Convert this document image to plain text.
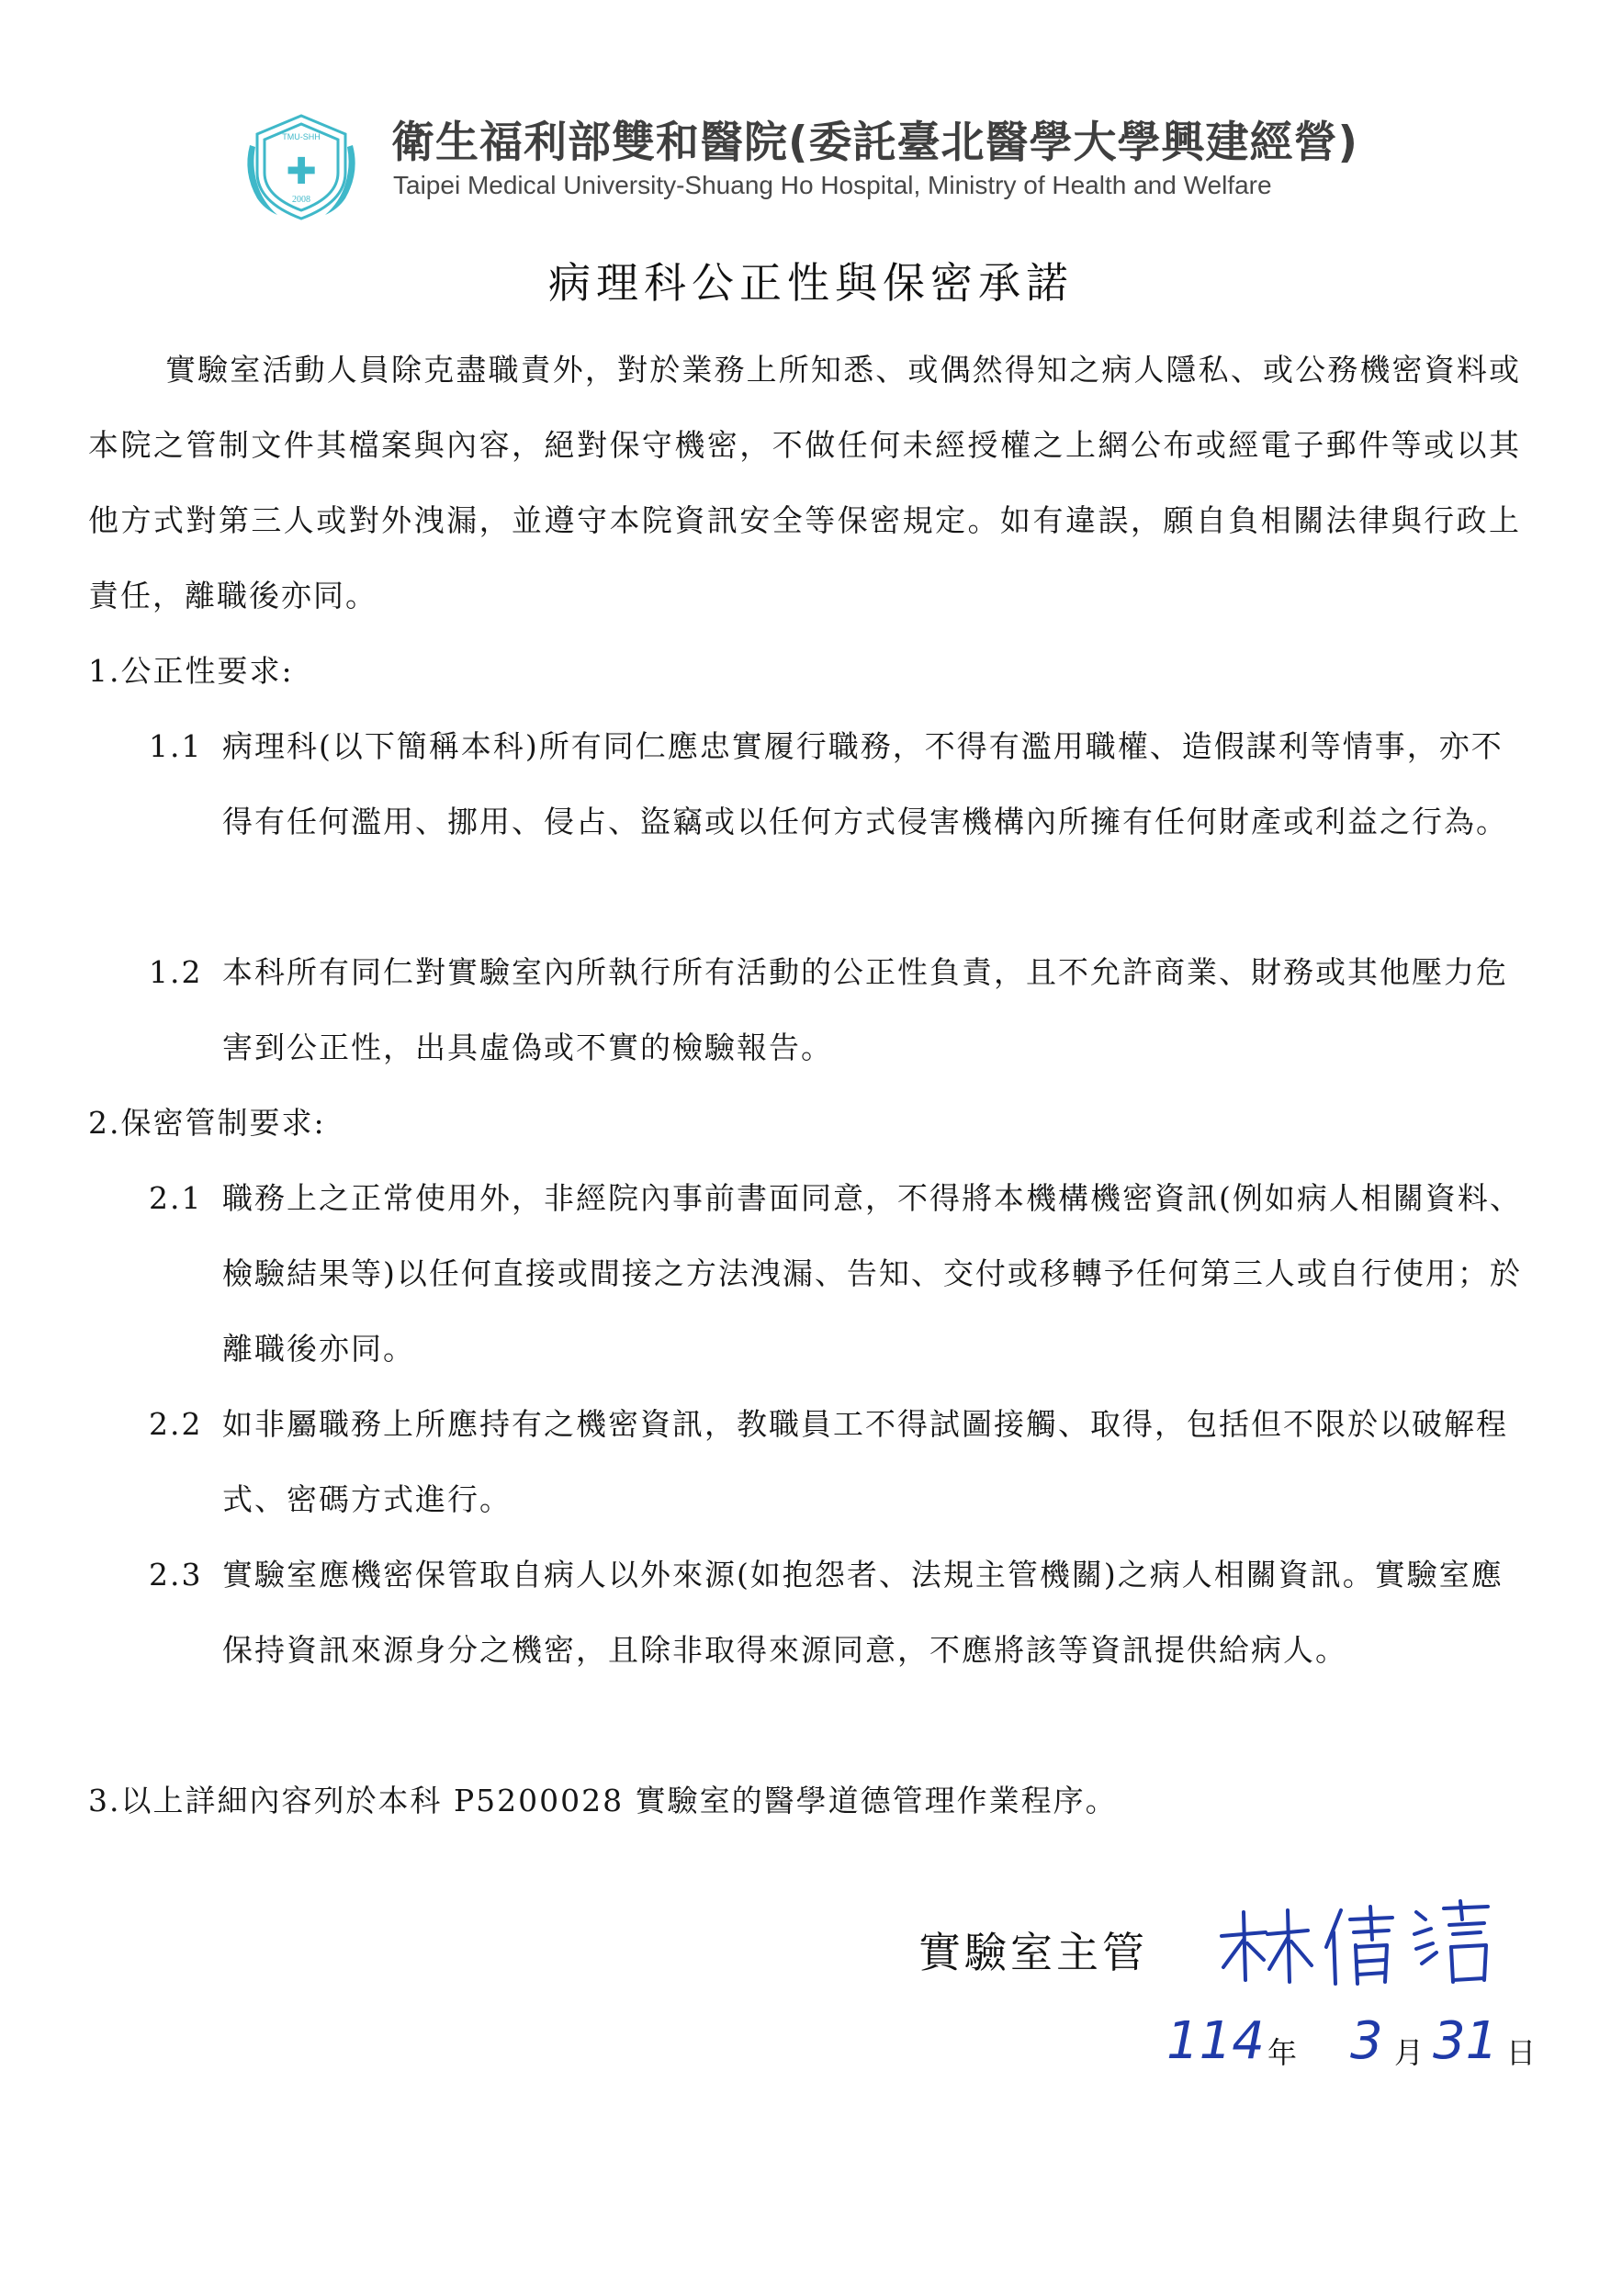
TMU-SHH
✚
2008
衛生福利部雙和醫院(委託臺北醫學大學興建經營)
Taipei Medical University-Shuang Ho Hospital, Ministry of Health and Welfare
病理科公正性與保密承諾
實驗室活動人員除克盡職責外，對於業務上所知悉、或偶然得知之病人隱私、或公務機密資料或本院之管制文件其檔案與內容，絕對保守機密，不做任何未經授權之上網公布或經電子郵件等或以其他方式對第三人或對外洩漏，並遵守本院資訊安全等保密規定。如有違誤，願自負相關法律與行政上責任，離職後亦同。
1.公正性要求:
1.1 病理科(以下簡稱本科)所有同仁應忠實履行職務，不得有濫用職權、造假謀利等情事，亦不得有任何濫用、挪用、侵占、盜竊或以任何方式侵害機構內所擁有任何財產或利益之行為。
1.2 本科所有同仁對實驗室內所執行所有活動的公正性負責，且不允許商業、財務或其他壓力危害到公正性，出具虛偽或不實的檢驗報告。
2.保密管制要求:
2.1 職務上之正常使用外，非經院內事前書面同意，不得將本機構機密資訊(例如病人相關資料、檢驗結果等)以任何直接或間接之方法洩漏、告知、交付或移轉予任何第三人或自行使用；於離職後亦同。
2.2 如非屬職務上所應持有之機密資訊，教職員工不得試圖接觸、取得，包括但不限於以破解程式、密碼方式進行。
2.3 實驗室應機密保管取自病人以外來源(如抱怨者、法規主管機關)之病人相關資訊。實驗室應保持資訊來源身分之機密，且除非取得來源同意，不應將該等資訊提供給病人。
3.以上詳細內容列於本科 P5200028 實驗室的醫學道德管理作業程序。
實驗室主管
114 年 3 月 31 日
